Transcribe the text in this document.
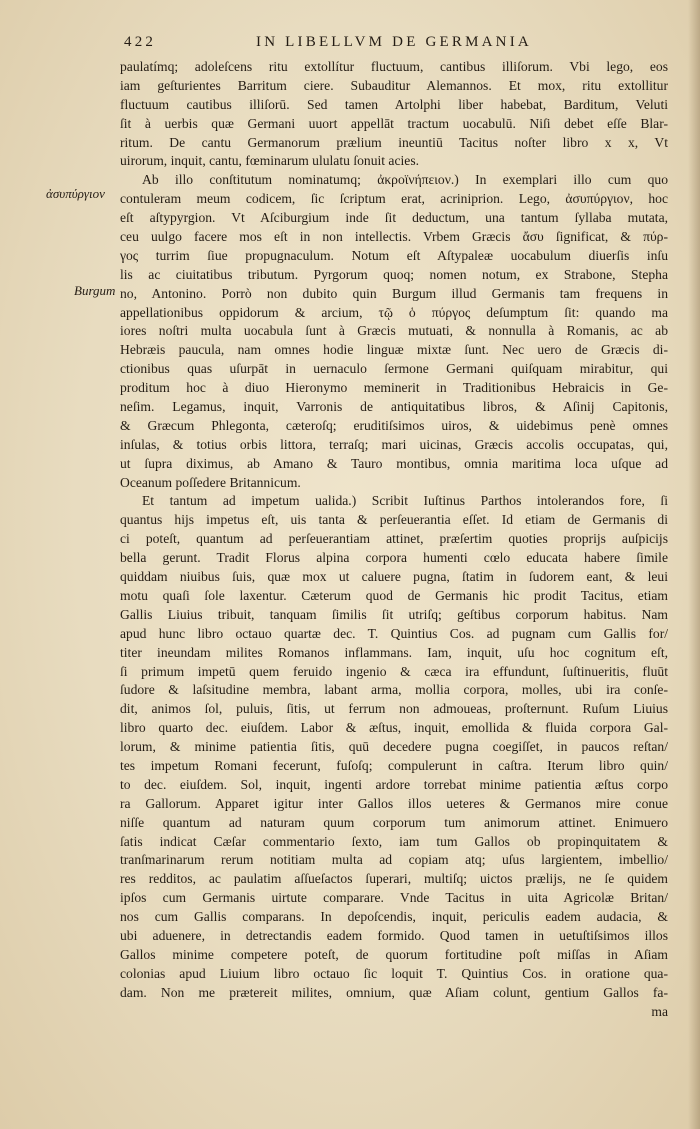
422	IN LIBELLVM DE GERMANIA
ἀσυπύργιον
Burgum
paulatímq; adoleſcens ritu extollítur fluctuum, cantibus illiſorum. Vbi lego, eos
iam geſturientes Barritum ciere. Subauditur Alemannos. Et mox, ritu extollitur
fluctuum cautibus illiſorū. Sed tamen Artolphi liber habebat, Barditum, Veluti
ſit à uerbis quæ Germani uuort appellāt tractum uocabulū. Niſi debet eſſe Blar-
ritum. De cantu Germanorum prælium ineuntiū Tacitus noſter libro x x, Vt
uirorum, inquit, cantu, fœminarum ululatu ſonuit acies.
Ab illo conſtitutum nominatumq; ἀκροϊνήπειον.) In exemplari illo cum quo
contuleram meum codicem, ſic ſcriptum erat, acriniprion. Lego, ἀσυπύργιον, hoc
eſt aſtypyrgion. Vt Aſciburgium inde ſit deductum, una tantum ſyllaba mutata,
ceu uulgo facere mos eſt in non intellectis. Vrbem Græcis ἄσυ ſignificat, & πύρ-
γος turrim ſiue propugnaculum. Notum eſt Aſtypaleæ uocabulum diuerſis inſu
lis ac ciuitatibus tributum. Pyrgorum quoq; nomen notum, ex Strabone, Stepha
no, Antonino. Porrò non dubito quin Burgum illud Germanis tam frequens in
appellationibus oppidorum & arcium, τῷ ὁ πύργος deſumptum ſit: quando ma
iores noſtri multa uocabula ſunt à Græcis mutuati, & nonnulla à Romanis, ac ab
Hebræis paucula, nam omnes hodie linguæ mixtæ ſunt. Nec uero de Græcis di-
ctionibus quas uſurpāt in uernaculo ſermone Germani quiſquam mirabitur, qui
proditum hoc à diuo Hieronymo meminerit in Traditionibus Hebraicis in Ge-
neſim. Legamus, inquit, Varronis de antiquitatibus libros, & Aſinij Capitonis,
& Græcum Phlegonta, cæteroſq; eruditiſsimos uiros, & uidebimus penè omnes
inſulas, & totius orbis littora, terraſq; mari uicinas, Græcis accolis occupatas, qui,
ut ſupra diximus, ab Amano & Tauro montibus, omnia maritima loca uſque ad
Oceanum poſſedere Britannicum.
Et tantum ad impetum ualida.) Scribit Iuſtinus Parthos intolerandos fore, ſi
quantus hijs impetus eſt, uis tanta & perſeuerantia eſſet. Id etiam de Germanis di
ci poteſt, quantum ad perſeuerantiam attinet, præſertim quoties proprijs auſpicijs
bella gerunt. Tradit Florus alpina corpora humenti cœlo educata habere ſimile
quiddam niuibus ſuis, quæ mox ut caluere pugna, ſtatim in ſudorem eant, & leui
motu quaſi ſole laxentur. Cæterum quod de Germanis hic prodit Tacitus, etiam
Gallis Liuius tribuit, tanquam ſimilis ſit utriſq; geſtibus corporum habitus. Nam
apud hunc libro octauo quartæ dec. T. Quintius Cos. ad pugnam cum Gallis for/
titer ineundam milites Romanos inflammans. Iam, inquit, uſu hoc cognitum eſt,
ſi primum impetū quem feruido ingenio & cæca ira effundunt, ſuſtinueritis, fluūt
ſudore & laſsitudine membra, labant arma, mollia corpora, molles, ubi ira conſe-
dit, animos ſol, puluis, ſitis, ut ferrum non admoueas, proſternunt. Ruſum Liuius
libro quarto dec. eiuſdem. Labor & æſtus, inquit, emollida & fluida corpora Gal-
lorum, & minime patientia ſitis, quū decedere pugna coegiſſet, in paucos reſtan/
tes impetum Romani fecerunt, fuſoſq; compulerunt in caſtra. Iterum libro quin/
to dec. eiuſdem. Sol, inquit, ingenti ardore torrebat minime patientia æſtus corpo
ra Gallorum. Apparet igitur inter Gallos illos ueteres & Germanos mire conue
niſſe quantum ad naturam quum corporum tum animorum attinet. Enimuero
ſatis indicat Cæſar commentario ſexto, iam tum Gallos ob propinquitatem &
tranſmarinarum rerum notitiam multa ad copiam atq; uſus largientem, imbellio/
res redditos, ac paulatim aſſueſactos ſuperari, multiſq; uictos prælijs, ne ſe quidem
ipſos cum Germanis uirtute comparare. Vnde Tacitus in uita Agricolæ Britan/
nos cum Gallis comparans. In depoſcendis, inquit, periculis eadem audacia, &
ubi aduenere, in detrectandis eadem formido. Quod tamen in uetuſtiſsimos illos
Gallos minime competere poteſt, de quorum fortitudine poſt miſſas in Aſiam
colonias apud Liuium libro octauo ſic loquit T. Quintius Cos. in oratione qua-
dam. Non me prætereit milites, omnium, quæ Aſiam colunt, gentium Gallos fa-
ma
